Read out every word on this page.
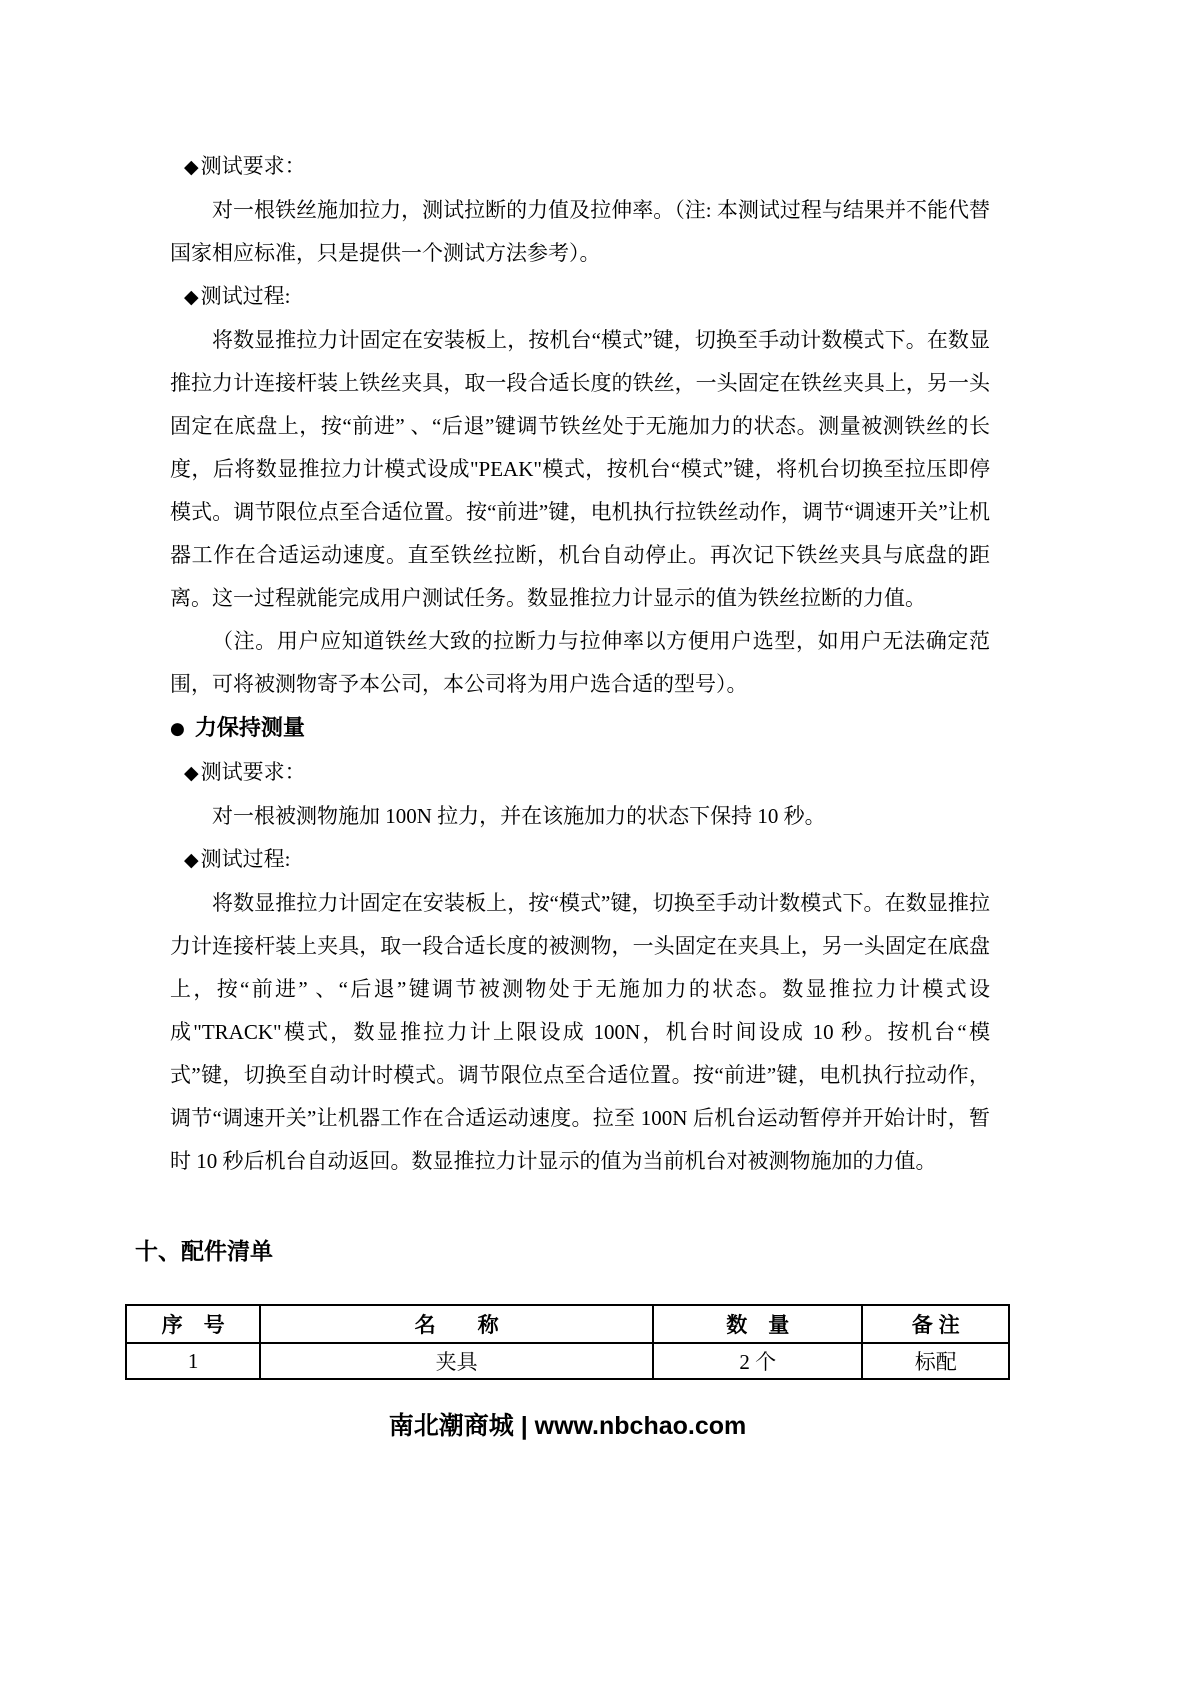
◆测试要求：

对一根铁丝施加拉力，测试拉断的力值及拉伸率。（注: 本测试过程与结果并不能代替国家相应标准，只是提供一个测试方法参考）。

◆测试过程:

将数显推拉力计固定在安装板上，按机台“模式”键，切换至手动计数模式下。在数显推拉力计连接杆装上铁丝夹具，取一段合适长度的铁丝，一头固定在铁丝夹具上，另一头固定在底盘上，按“前进” 、“后退”键调节铁丝处于无施加力的状态。测量被测铁丝的长度，后将数显推拉力计模式设成"PEAK"模式，按机台“模式”键，将机台切换至拉压即停模式。调节限位点至合适位置。按“前进”键，电机执行拉铁丝动作，调节“调速开关”让机器工作在合适运动速度。直至铁丝拉断，机台自动停止。再次记下铁丝夹具与底盘的距离。这一过程就能完成用户测试任务。数显推拉力计显示的值为铁丝拉断的力值。

（注。用户应知道铁丝大致的拉断力与拉伸率以方便用户选型，如用户无法确定范围，可将被测物寄予本公司，本公司将为用户选合适的型号）。

● 力保持测量

◆测试要求：

对一根被测物施加 100N 拉力，并在该施加力的状态下保持 10 秒。

◆测试过程:

将数显推拉力计固定在安装板上，按“模式”键，切换至手动计数模式下。在数显推拉力计连接杆装上夹具，取一段合适长度的被测物，一头固定在夹具上，另一头固定在底盘上，按“前进” 、“后退”键调节被测物处于无施加力的状态。数显推拉力计模式设成"TRACK"模式，数显推拉力计上限设成 100N，机台时间设成 10 秒。按机台“模式”键，切换至自动计时模式。调节限位点至合适位置。按“前进”键，电机执行拉动作，调节“调速开关”让机器工作在合适运动速度。拉至 100N 后机台运动暂停并开始计时，暂时 10 秒后机台自动返回。数显推拉力计显示的值为当前机台对被测物施加的力值。

十、配件清单
序　号	名　　称	数　量	备 注
1	夹具	2 个	标配
南北潮商城 | www.nbchao.com
